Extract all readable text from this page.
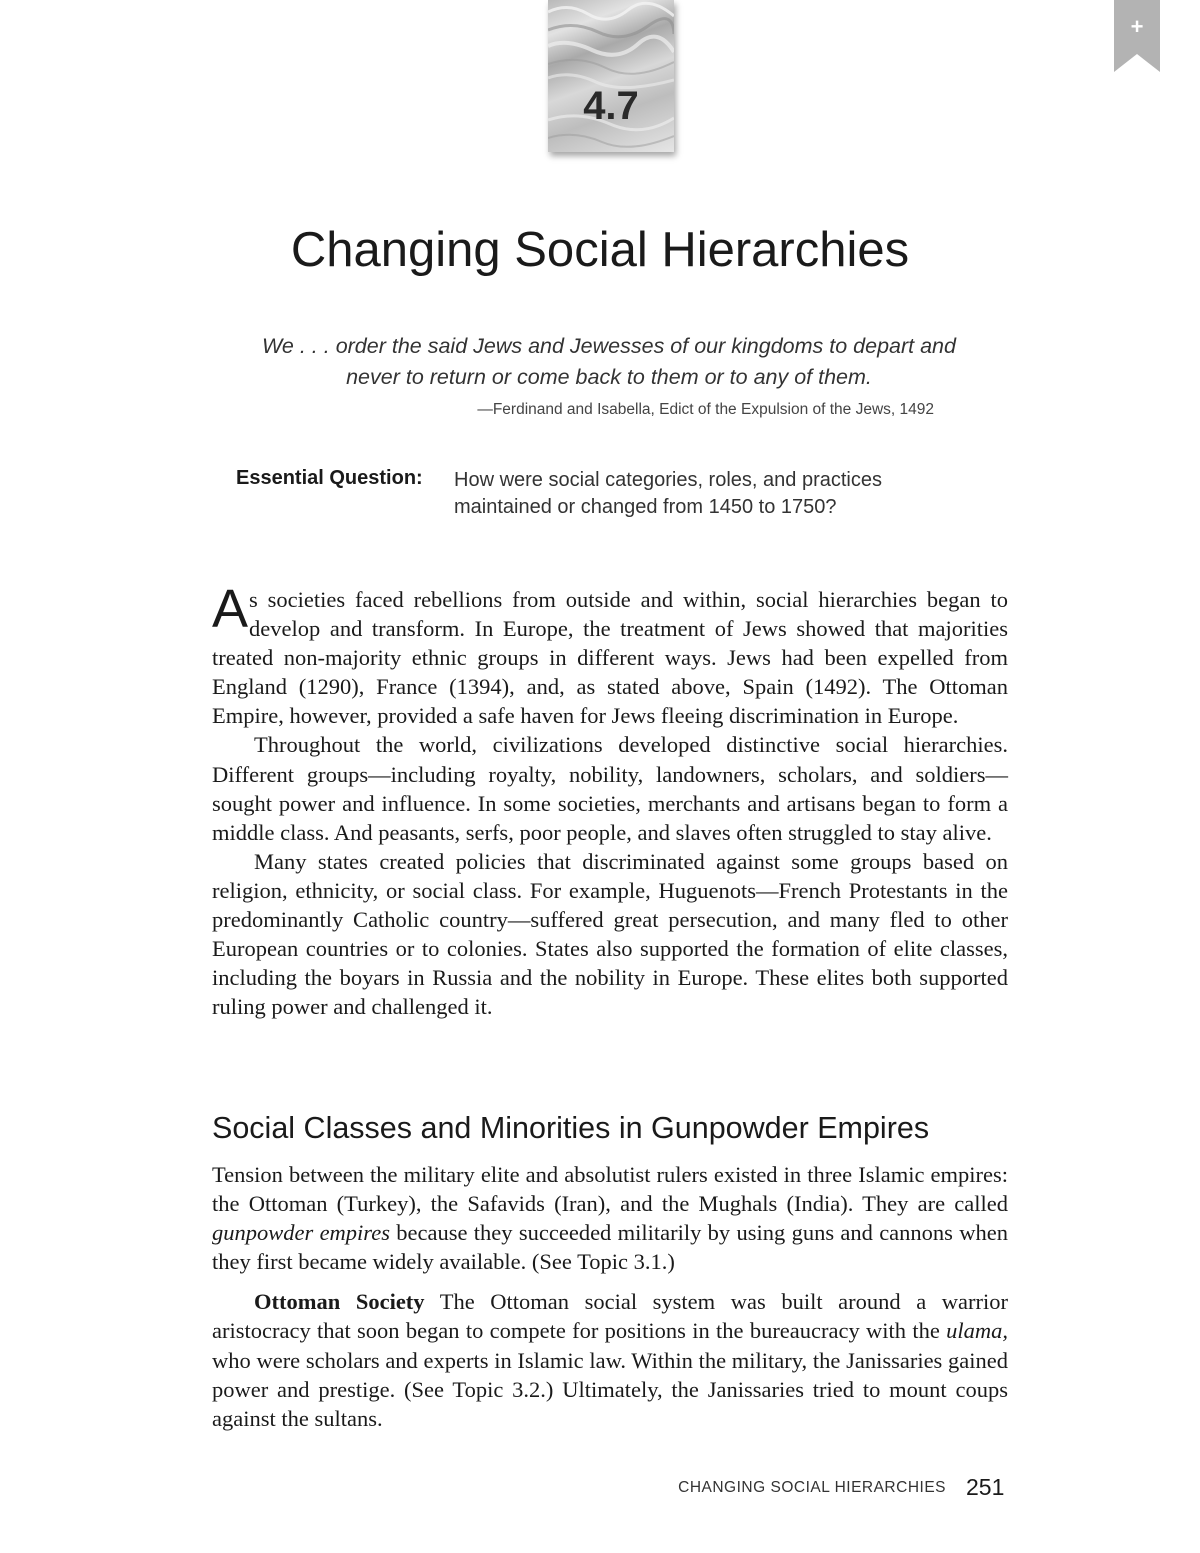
4.7
+
Changing Social Hierarchies
We . . . order the said Jews and Jewesses of our kingdoms to depart and
never to return or come back to them or to any of them.
—Ferdinand and Isabella, Edict of the Expulsion of the Jews, 1492
Essential Question: How were social categories, roles, and practices
maintained or changed from 1450 to 1750?

As societies faced rebellions from outside and within, social hierarchies began to develop and transform. In Europe, the treatment of Jews showed that majorities treated non-majority ethnic groups in different ways. Jews had been expelled from England (1290), France (1394), and, as stated above, Spain (1492). The Ottoman Empire, however, provided a safe haven for Jews fleeing discrimination in Europe.

Throughout the world, civilizations developed distinctive social hierarchies. Different groups—including royalty, nobility, landowners, scholars, and soldiers—sought power and influence. In some societies, merchants and artisans began to form a middle class. And peasants, serfs, poor people, and slaves often struggled to stay alive.

Many states created policies that discriminated against some groups based on religion, ethnicity, or social class. For example, Huguenots—French Protestants in the predominantly Catholic country—suffered great persecution, and many fled to other European countries or to colonies. States also supported the formation of elite classes, including the boyars in Russia and the nobility in Europe. These elites both supported ruling power and challenged it.

Social Classes and Minorities in Gunpowder Empires

Tension between the military elite and absolutist rulers existed in three Islamic empires: the Ottoman (Turkey), the Safavids (Iran), and the Mughals (India). They are called gunpowder empires because they succeeded militarily by using guns and cannons when they first became widely available. (See Topic 3.1.)

Ottoman Society The Ottoman social system was built around a warrior aristocracy that soon began to compete for positions in the bureaucracy with the ulama, who were scholars and experts in Islamic law. Within the military, the Janissaries gained power and prestige. (See Topic 3.2.) Ultimately, the Janissaries tried to mount coups against the sultans.

CHANGING SOCIAL HIERARCHIES 251
